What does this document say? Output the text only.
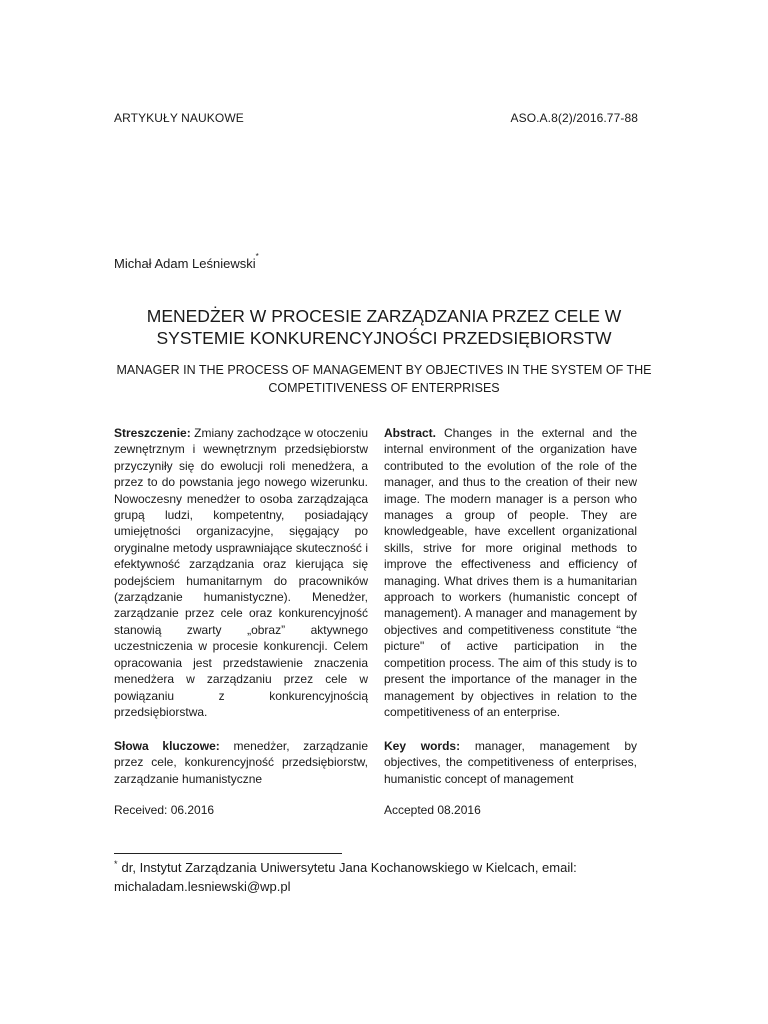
ARTYKUŁY NAUKOWE	ASO.A.8(2)/2016.77-88
Michał Adam Leśniewski*
MENEDŻER W PROCESIE ZARZĄDZANIA PRZEZ CELE W SYSTEMIE KONKURENCYJNOŚCI PRZEDSIĘBIORSTW
MANAGER IN THE PROCESS OF MANAGEMENT BY OBJECTIVES IN THE SYSTEM OF THE COMPETITIVENESS OF ENTERPRISES
Streszczenie: Zmiany zachodzące w otoczeniu zewnętrznym i wewnętrznym przedsiębiorstw przyczyniły się do ewolucji roli menedżera, a przez to do powstania jego nowego wizerunku. Nowoczesny menedżer to osoba zarządzająca grupą ludzi, kompetentny, posiadający umiejętności organizacyjne, sięgający po oryginalne metody usprawniające skuteczność i efektywność zarządzania oraz kierująca się podejściem humanitarnym do pracowników (zarządzanie humanistyczne). Menedżer, zarządzanie przez cele oraz konkurencyjność stanowią zwarty „obraz” aktywnego uczestniczenia w procesie konkurencji. Celem opracowania jest przedstawienie znaczenia menedżera w zarządzaniu przez cele w powiązaniu z konkurencyjnością przedsiębiorstwa.
Abstract. Changes in the external and the internal environment of the organization have contributed to the evolution of the role of the manager, and thus to the creation of their new image. The modern manager is a person who manages a group of people. They are knowledgeable, have excellent organizational skills, strive for more original methods to improve the effectiveness and efficiency of managing. What drives them is a humanitarian approach to workers (humanistic concept of management). A manager and management by objectives and competitiveness constitute “the picture" of active participation in the competition process. The aim of this study is to present the importance of the manager in the management by objectives in relation to the competitiveness of an enterprise.
Słowa kluczowe: menedżer, zarządzanie przez cele, konkurencyjność przedsiębiorstw, zarządzanie humanistyczne
Key words: manager, management by objectives, the competitiveness of enterprises, humanistic concept of management
Received: 06.2016	Accepted 08.2016
* dr, Instytut Zarządzania Uniwersytetu Jana Kochanowskiego w Kielcach, email: michaladam.lesniewski@wp.pl
